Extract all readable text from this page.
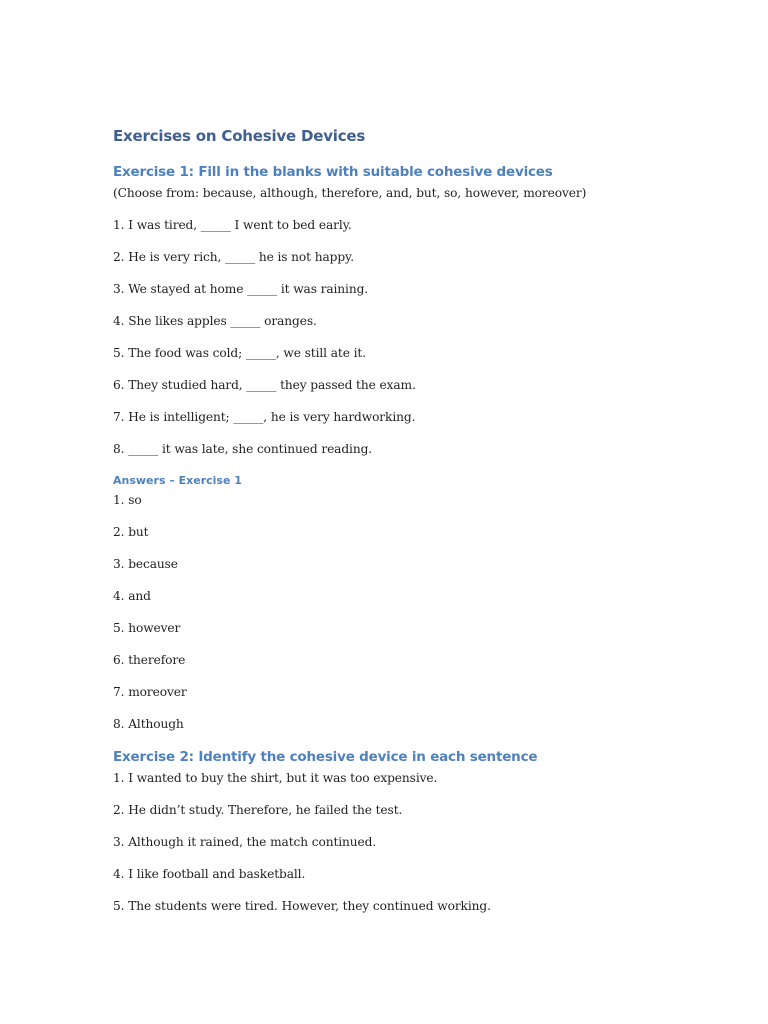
Exercises on Cohesive Devices
Exercise 1: Fill in the blanks with suitable cohesive devices

(Choose from: because, although, therefore, and, but, so, however, moreover)

1. I was tired, _____ I went to bed early.

2. He is very rich, _____ he is not happy.

3. We stayed at home _____ it was raining.

4. She likes apples _____ oranges.

5. The food was cold; _____, we still ate it.

6. They studied hard, _____ they passed the exam.

7. He is intelligent; _____, he is very hardworking.

8. _____ it was late, she continued reading.

Answers – Exercise 1

1. so

2. but

3. because

4. and

5. however

6. therefore

7. moreover

8. Although

Exercise 2: Identify the cohesive device in each sentence

1. I wanted to buy the shirt, but it was too expensive.

2. He didn’t study. Therefore, he failed the test.

3. Although it rained, the match continued.

4. I like football and basketball.

5. The students were tired. However, they continued working.
